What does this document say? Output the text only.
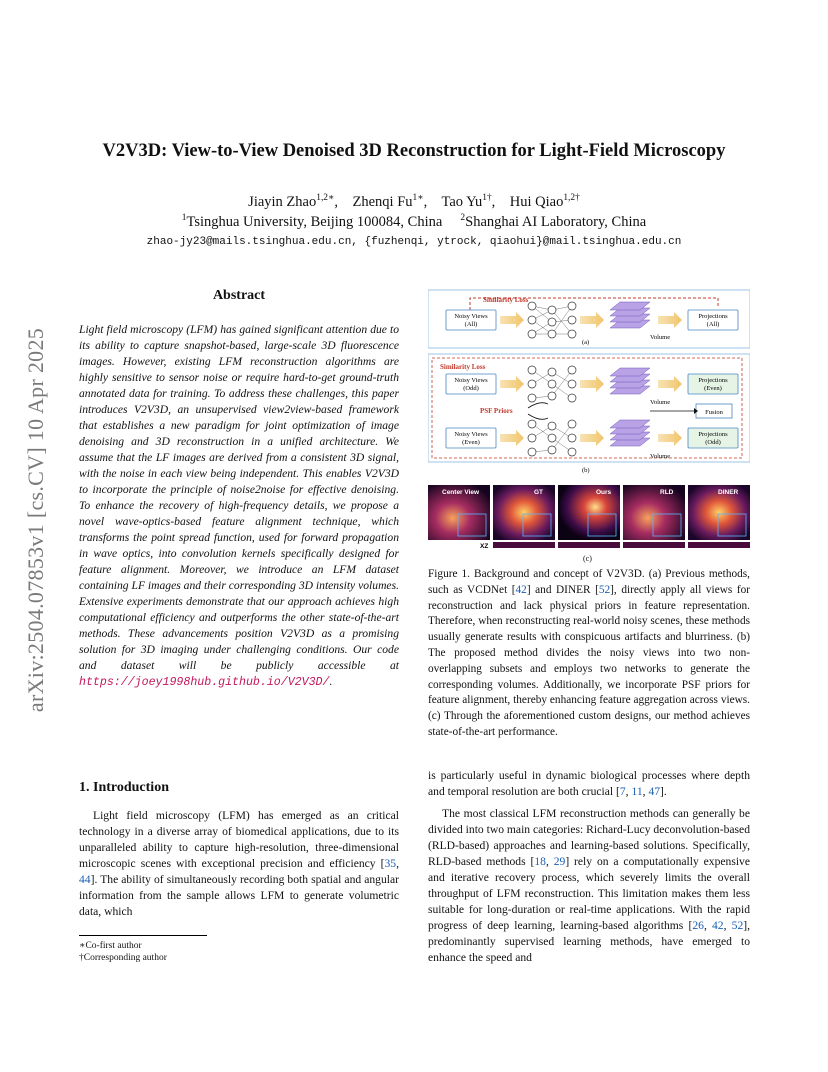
arXiv:2504.07853v1 [cs.CV] 10 Apr 2025
V2V3D: View-to-View Denoised 3D Reconstruction for Light-Field Microscopy
Jiayin Zhao$^{1,2∗}$,    Zhenqi $Fu^{1∗}$,    Tao $Yu^{1\dagger}$,    Hui Qiao$^{1,2\dagger}$
$^1$Tsinghua University, Beijing 100084, China $^2$Shanghai AI Laboratory, China
zhao-jy23@mails.tsinghua.edu.cn, {fuzhenqi, ytrock, qiaohui}@mail.tsinghua.edu.cn
Abstract
Light field microscopy (LFM) has gained significant attention due to its ability to capture snapshot-based, large-scale 3D fluorescence images. However, existing LFM reconstruction algorithms are highly sensitive to sensor noise or require hard-to-get ground-truth annotated data for training. To address these challenges, this paper introduces V2V3D, an unsupervised view2view-based framework that establishes a new paradigm for joint optimization of image denoising and 3D reconstruction in a unified architecture. We assume that the LF images are derived from a consistent 3D signal, with the noise in each view being independent. This enables V2V3D to incorporate the principle of noise2noise for effective denoising. To enhance the recovery of high-frequency details, we propose a novel wave-optics-based feature alignment technique, which transforms the point spread function, used for forward propagation in wave optics, into convolution kernels specifically designed for feature alignment. Moreover, we introduce an LFM dataset containing LF images and their corresponding 3D intensity volumes. Extensive experiments demonstrate that our approach achieves high computational efficiency and outperforms the other state-of-the-art methods. These advancements position V2V3D as a promising solution for 3D imaging under challenging conditions. Our code and dataset will be publicly accessible at https://joey1998hub.github.io/V2V3D/.
1. Introduction
Light field microscopy (LFM) has emerged as an critical technology in a diverse array of biomedical applications, due to its unparalleled ability to capture high-resolution, three-dimensional microscopic scenes with exceptional precision and efficiency [35, 44]. The ability of simultaneously recording both spatial and angular information from the sample allows LFM to generate volumetric data, which
∗Co-first author
†Corresponding author
Similarity Loss
Noisy Views
(All)
(a)
Volume
Projections
(All)
Similarity Loss
Noisy Views
(Odd)
Noisy Views
(Even)
PSF Priors
Volume
Volume
Projections
(Even)
Projections
(Odd)
Fusion
(b)
Center View	GT	Ours	RLD	DINER
XZ
(c)
Figure 1. Background and concept of V2V3D. (a) Previous methods, such as VCDNet [42] and DINER [52], directly apply all views for reconstruction and lack physical priors in feature representation. Therefore, when reconstructing real-world noisy scenes, these methods usually generate results with conspicuous artifacts and blurriness. (b) The proposed method divides the noisy views into two non-overlapping subsets and employs two networks to generate the corresponding volumes. Additionally, we incorporate PSF priors for feature alignment, thereby enhancing feature aggregation across views. (c) Through the aforementioned custom designs, our method achieves state-of-the-art performance.

is particularly useful in dynamic biological processes where depth and temporal resolution are both crucial [7, 11, 47].

The most classical LFM reconstruction methods can generally be divided into two main categories: Richard-Lucy deconvolution-based (RLD-based) approaches and learning-based solutions. Specifically, RLD-based methods [18, 29] rely on a computationally expensive and iterative recovery process, which severely limits the overall throughput of LFM reconstruction. This limitation makes them less suitable for long-duration or real-time applications. With the rapid progress of deep learning, learning-based algorithms [26, 42, 52], predominantly supervised learning methods, have emerged to enhance the speed and
